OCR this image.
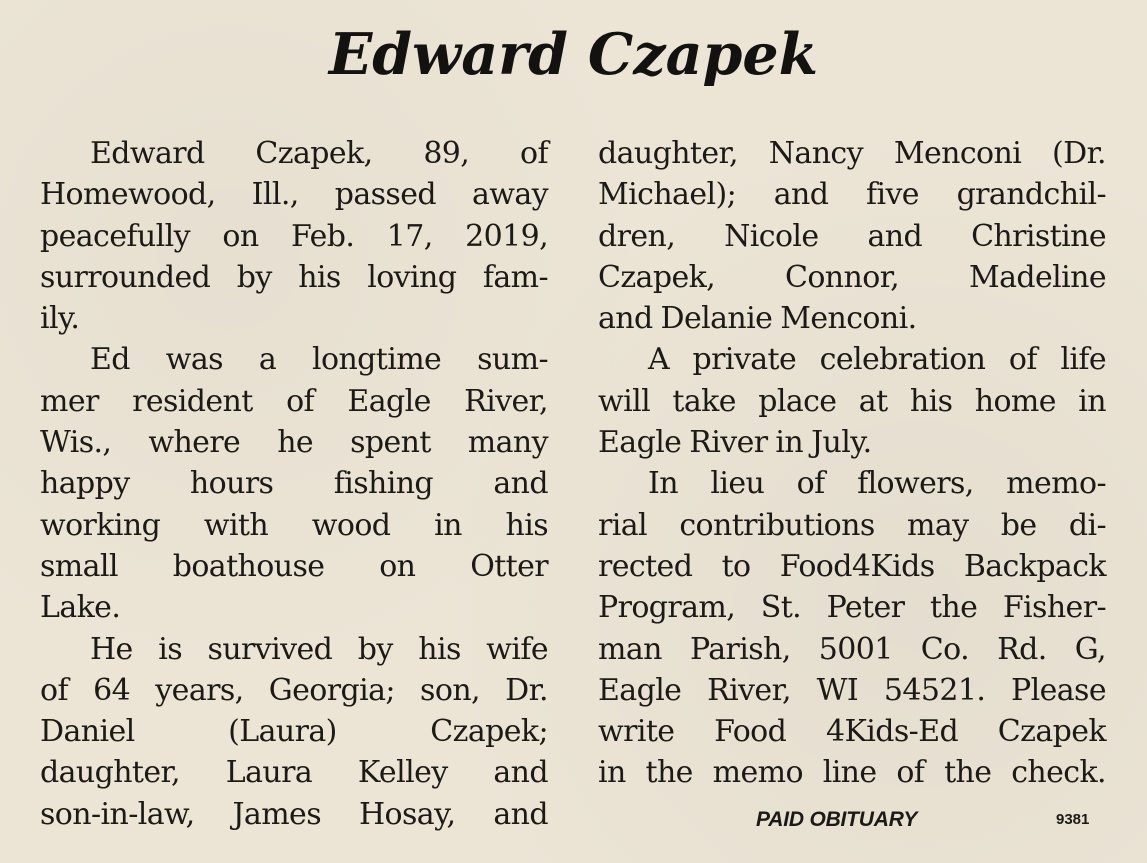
Edward Czapek
Edward Czapek, 89, of
Homewood, Ill., passed away
peacefully on Feb. 17, 2019,
surrounded by his loving fam-
ily.
Ed was a longtime sum-
mer resident of Eagle River,
Wis., where he spent many
happy hours fishing and
working with wood in his
small boathouse on Otter
Lake.
He is survived by his wife
of 64 years, Georgia; son, Dr.
Daniel (Laura) Czapek;
daughter, Laura Kelley and
son-in-law, James Hosay, and
daughter, Nancy Menconi (Dr.
Michael); and five grandchil-
dren, Nicole and Christine
Czapek, Connor, Madeline
and Delanie Menconi.
A private celebration of life
will take place at his home in
Eagle River in July.
In lieu of flowers, memo-
rial contributions may be di-
rected to Food4Kids Backpack
Program, St. Peter the Fisher-
man Parish, 5001 Co. Rd. G,
Eagle River, WI 54521. Please
write Food 4Kids-Ed Czapek
in the memo line of the check.
PAID OBITUARY	9381
